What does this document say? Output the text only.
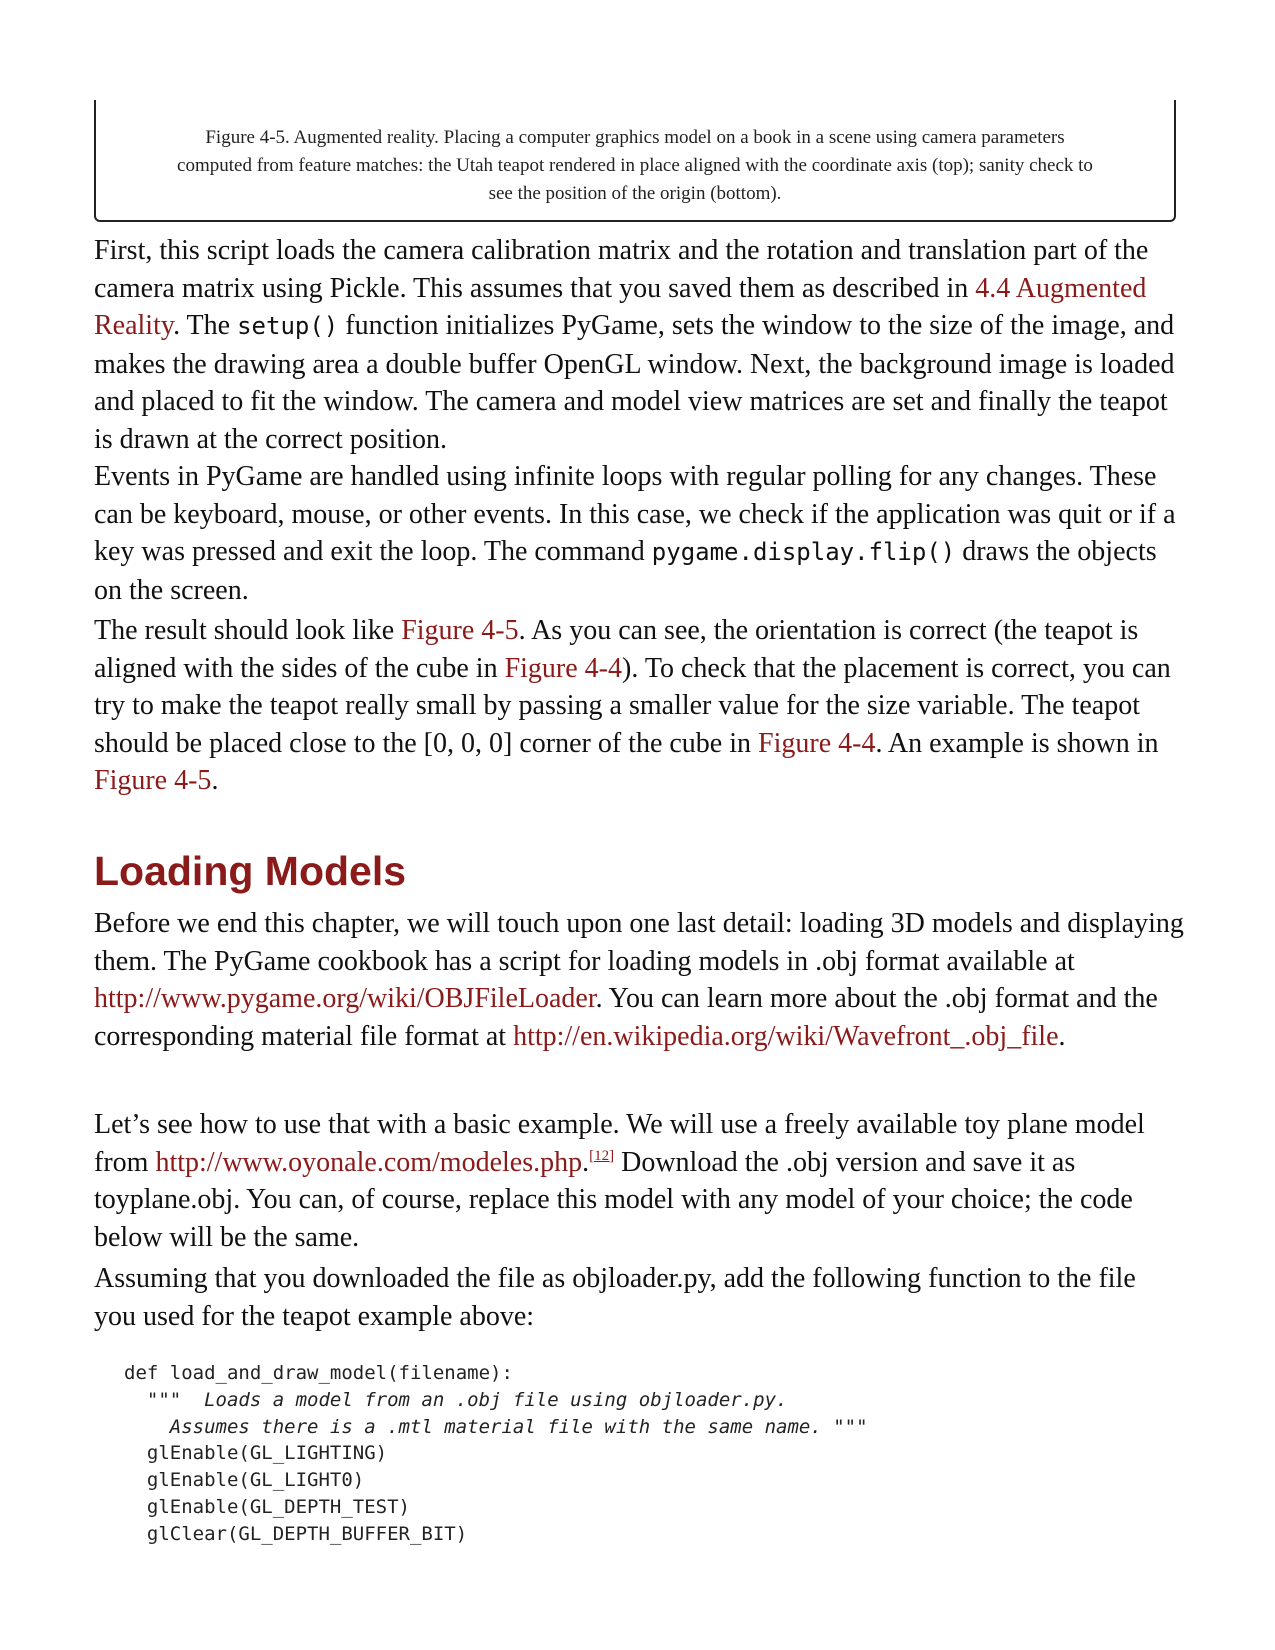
Figure 4-5. Augmented reality. Placing a computer graphics model on a book in a scene using camera parameters
computed from feature matches: the Utah teapot rendered in place aligned with the coordinate axis (top); sanity check to
see the position of the origin (bottom).

First, this script loads the camera calibration matrix and the rotation and translation part of the camera matrix using Pickle. This assumes that you saved them as described in 4.4 Augmented Reality. The setup() function initializes PyGame, sets the window to the size of the image, and makes the drawing area a double buffer OpenGL window. Next, the background image is loaded and placed to fit the window. The camera and model view matrices are set and finally the teapot is drawn at the correct position.

Events in PyGame are handled using infinite loops with regular polling for any changes. These can be keyboard, mouse, or other events. In this case, we check if the application was quit or if a key was pressed and exit the loop. The command pygame.display.flip() draws the objects on the screen.

The result should look like Figure 4-5. As you can see, the orientation is correct (the teapot is aligned with the sides of the cube in Figure 4-4). To check that the placement is correct, you can try to make the teapot really small by passing a smaller value for the size variable. The teapot should be placed close to the [0, 0, 0] corner of the cube in Figure 4-4. An example is shown in Figure 4-5.

Loading Models

Before we end this chapter, we will touch upon one last detail: loading 3D models and displaying them. The PyGame cookbook has a script for loading models in .obj format available at http://www.pygame.org/wiki/OBJFileLoader. You can learn more about the .obj format and the corresponding material file format at http://en.wikipedia.org/wiki/Wavefront_.obj_file.

Let’s see how to use that with a basic example. We will use a freely available toy plane model from http://www.oyonale.com/modeles.php.[12] Download the .obj version and save it as toyplane.obj. You can, of course, replace this model with any model of your choice; the code below will be the same.

Assuming that you downloaded the file as objloader.py, add the following function to the file you used for the teapot example above:

def load_and_draw_model(filename):
"""  Loads a model from an .obj file using objloader.py.
Assumes there is a .mtl material file with the same name. """
glEnable(GL_LIGHTING)
glEnable(GL_LIGHT0)
glEnable(GL_DEPTH_TEST)
glClear(GL_DEPTH_BUFFER_BIT)
